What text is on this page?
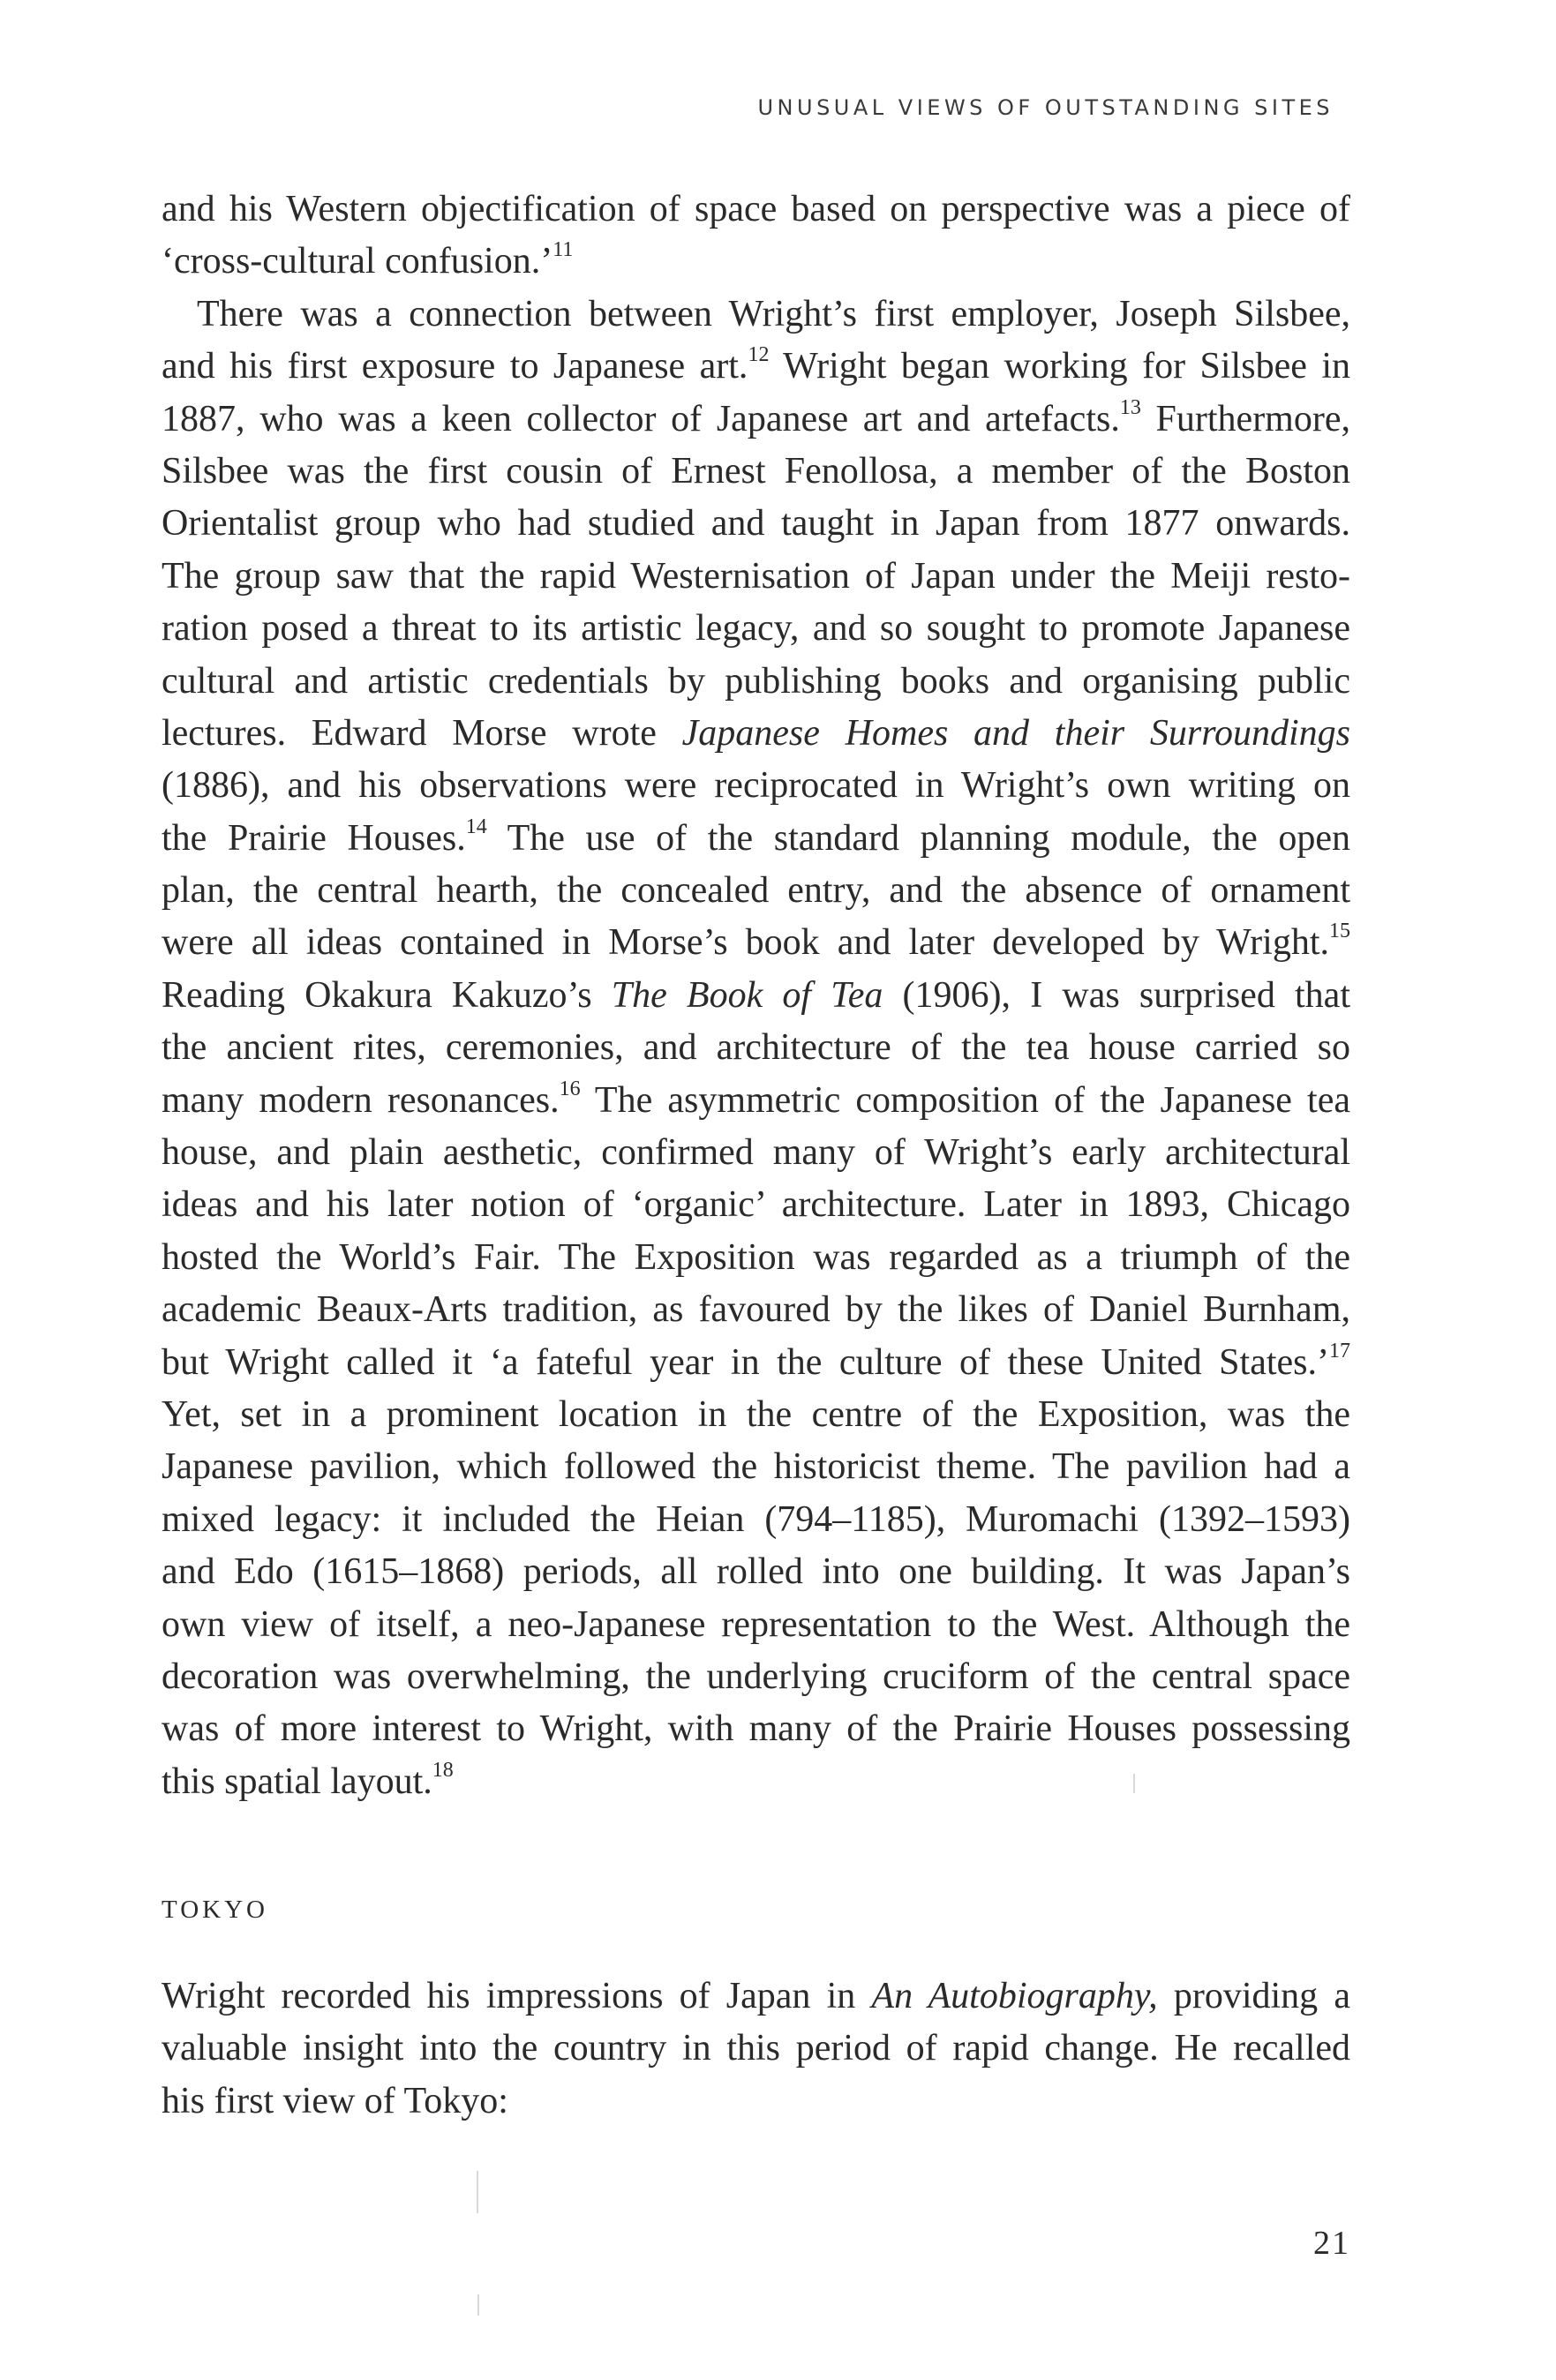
UNUSUAL VIEWS OF OUTSTANDING SITES
and his Western objectification of space based on perspective was a piece of
‘cross-cultural confusion.’$^{11}$
There was a connection between Wright’s first employer, Joseph Silsbee,
and his first exposure to Japanese art.$^{12}$ Wright began working for Silsbee in
1887, who was a keen collector of Japanese art and artefacts.$^{13}$ Furthermore,
Silsbee was the first cousin of Ernest Fenollosa, a member of the Boston
Orientalist group who had studied and taught in Japan from 1877 onwards.
The group saw that the rapid Westernisation of Japan under the Meiji resto-
ration posed a threat to its artistic legacy, and so sought to promote Japanese
cultural and artistic credentials by publishing books and organising public
lectures. Edward Morse wrote Japanese Homes and their Surroundings
(1886), and his observations were reciprocated in Wright’s own writing on
the Prairie Houses.$^{14}$ The use of the standard planning module, the open
plan, the central hearth, the concealed entry, and the absence of ornament
were all ideas contained in Morse’s book and later developed by Wright.$^{15}$
Reading Okakura Kakuzo’s The Book of Tea (1906), I was surprised that
the ancient rites, ceremonies, and architecture of the tea house carried so
many modern resonances.$^{16}$ The asymmetric composition of the Japanese tea
house, and plain aesthetic, confirmed many of Wright’s early architectural
ideas and his later notion of ‘organic’ architecture. Later in 1893, Chicago
hosted the World’s Fair. The Exposition was regarded as a triumph of the
academic Beaux-Arts tradition, as favoured by the likes of Daniel Burnham,
but Wright called it ‘a fateful year in the culture of these United States.’$^{17}$
Yet, set in a prominent location in the centre of the Exposition, was the
Japanese pavilion, which followed the historicist theme. The pavilion had a
mixed legacy: it included the Heian (794–1185), Muromachi (1392–1593)
and Edo (1615–1868) periods, all rolled into one building. It was Japan’s
own view of itself, a neo-Japanese representation to the West. Although the
decoration was overwhelming, the underlying cruciform of the central space
was of more interest to Wright, with many of the Prairie Houses possessing
this spatial layout.$^{18}$
TOKYO
Wright recorded his impressions of Japan in An Autobiography, providing a
valuable insight into the country in this period of rapid change. He recalled
his first view of Tokyo:
21
